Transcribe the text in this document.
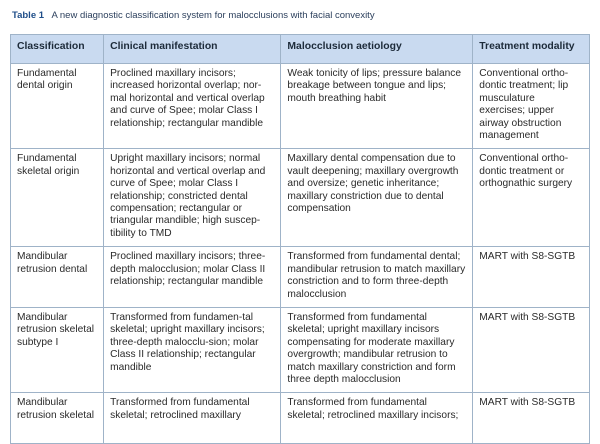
Table 1 A new diagnostic classification system for malocclusions with facial convexity
Classification	Clinical manifestation	Malocclusion aetiology	Treatment modality
Fundamental dental origin	Proclined maxillary incisors; increased horizontal overlap; nor-mal horizontal and vertical overlap and curve of Spee; molar Class I relationship; rectangular mandible	Weak tonicity of lips; pressure balance breakage between tongue and lips; mouth breathing habit	Conventional ortho-dontic treatment; lip musculature exercises; upper airway obstruction management
Fundamental skeletal origin	Upright maxillary incisors; normal horizontal and vertical overlap and curve of Spee; molar Class I relationship; constricted dental compensation; rectangular or triangular mandible; high suscep-tibility to TMD	Maxillary dental compensation due to vault deepening; maxillary overgrowth and oversize; genetic inheritance; maxillary constriction due to dental compensation	Conventional ortho-dontic treatment or orthognathic surgery
Mandibular retrusion dental	Proclined maxillary incisors; three-depth malocclusion; molar Class II relationship; rectangular mandible	Transformed from fundamental dental; mandibular retrusion to match maxillary constriction and to form three-depth malocclusion	MART with S8-SGTB
Mandibular retrusion skeletal subtype I	Transformed from fundamen-tal skeletal; upright maxillary incisors; three-depth malocclu-sion; molar Class II relationship; rectangular mandible	Transformed from fundamental skeletal; upright maxillary incisors compensating for moderate maxillary overgrowth; mandibular retrusion to match maxillary constriction and form three depth malocclusion	MART with S8-SGTB
Mandibular retrusion skeletal	Transformed from fundamental skeletal; retroclined maxillary	Transformed from fundamental skeletal; retroclined maxillary incisors;	MART with S8-SGTB
